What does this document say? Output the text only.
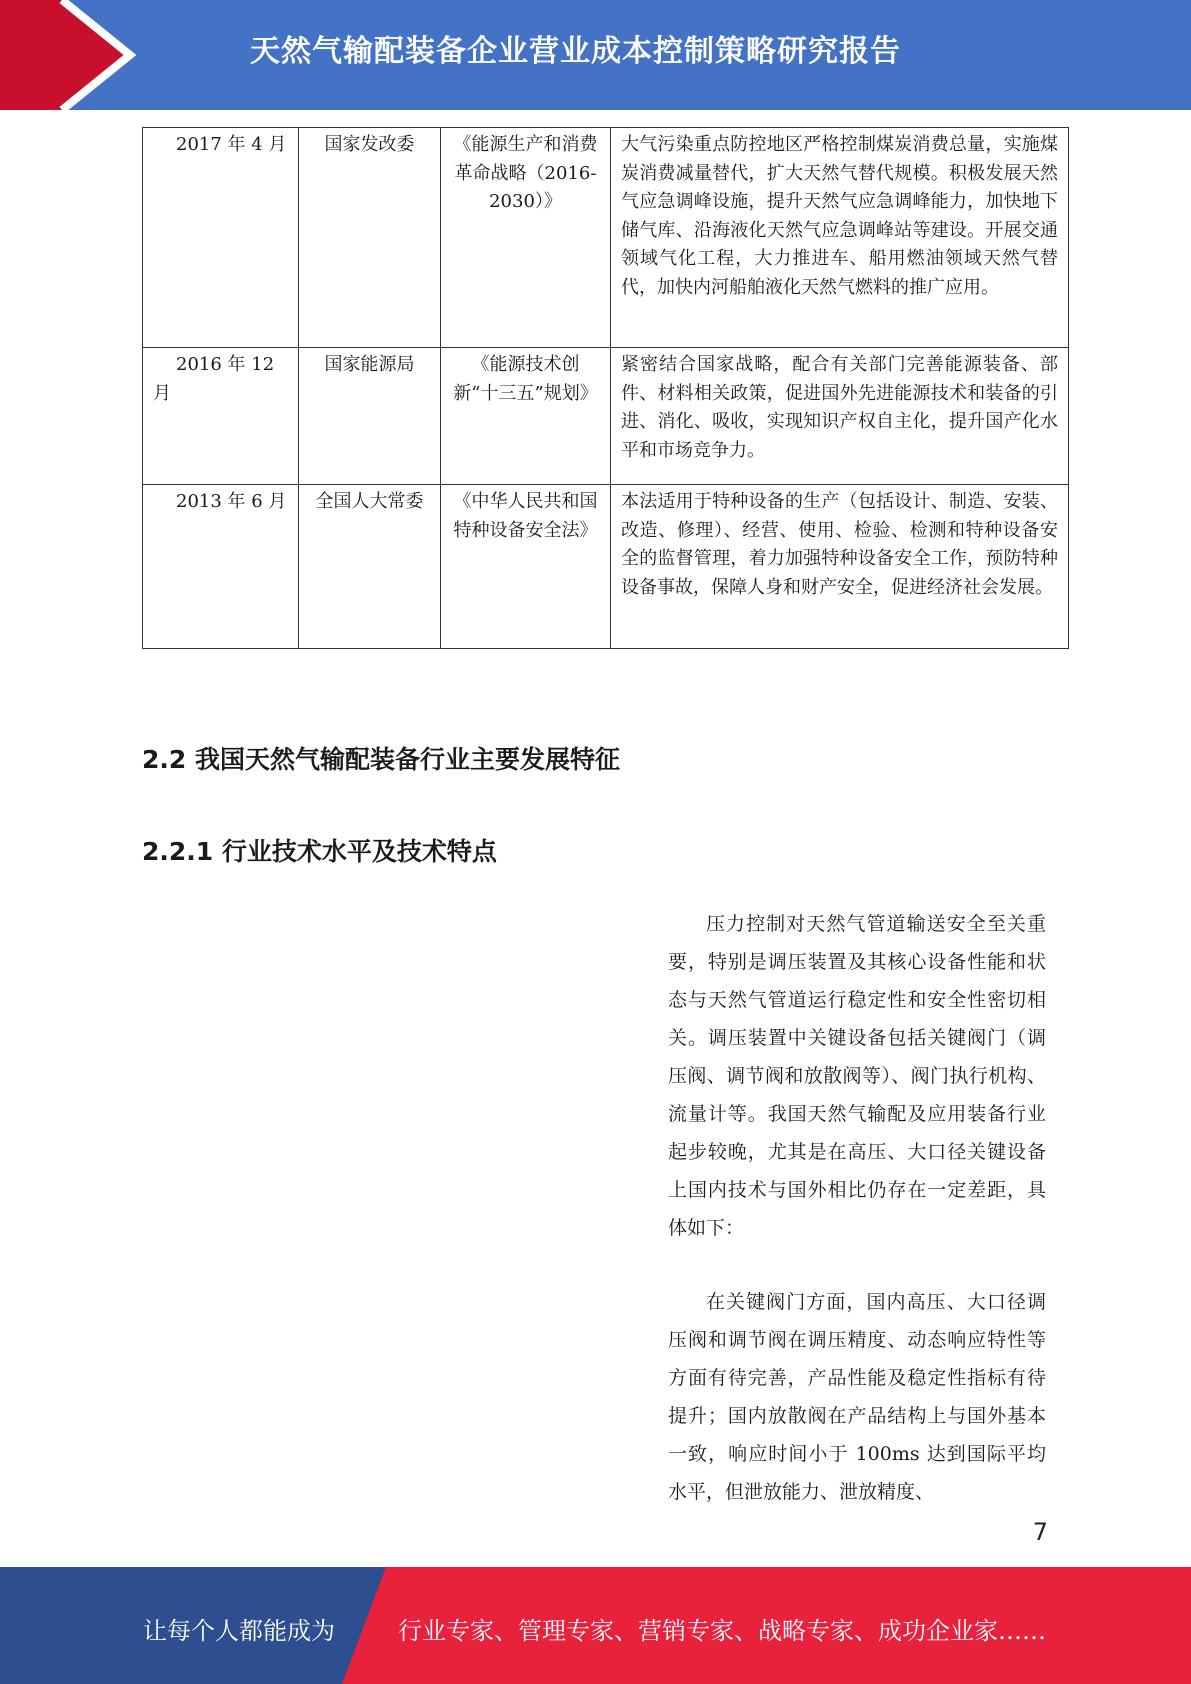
天然气输配装备企业营业成本控制策略研究报告
2017 年 4 月	国家发改委	《能源生产和消费革命战略（2016-2030）》	大气污染重点防控地区严格控制煤炭消费总量，实施煤炭消费减量替代，扩大天然气替代规模。积极发展天然气应急调峰设施，提升天然气应急调峰能力，加快地下储气库、沿海液化天然气应急调峰站等建设。开展交通领域气化工程，大力推进车、船用燃油领域天然气替代，加快内河船舶液化天然气燃料的推广应用。
2016 年 12 月	国家能源局	《能源技术创新“十三五”规划》	紧密结合国家战略，配合有关部门完善能源装备、部件、材料相关政策，促进国外先进能源技术和装备的引进、消化、吸收，实现知识产权自主化，提升国产化水平和市场竞争力。
2013 年 6 月	全国人大常委	《中华人民共和国特种设备安全法》	本法适用于特种设备的生产（包括设计、制造、安装、改造、修理）、经营、使用、检验、检测和特种设备安全的监督管理，着力加强特种设备安全工作，预防特种设备事故，保障人身和财产安全，促进经济社会发展。
2.2 我国天然气输配装备行业主要发展特征
2.2.1 行业技术水平及技术特点

压力控制对天然气管道输送安全至关重要，特别是调压装置及其核心设备性能和状态与天然气管道运行稳定性和安全性密切相关。调压装置中关键设备包括关键阀门（调压阀、调节阀和放散阀等）、阀门执行机构、流量计等。我国天然气输配及应用装备行业起步较晚，尤其是在高压、大口径关键设备上国内技术与国外相比仍存在一定差距，具体如下：

在关键阀门方面，国内高压、大口径调压阀和调节阀在调压精度、动态响应特性等方面有待完善，产品性能及稳定性指标有待提升；国内放散阀在产品结构上与国外基本一致，响应时间小于 100ms 达到国际平均水平，但泄放能力、泄放精度、

7
让每个人都能成为	行业专家、管理专家、营销专家、战略专家、成功企业家……
